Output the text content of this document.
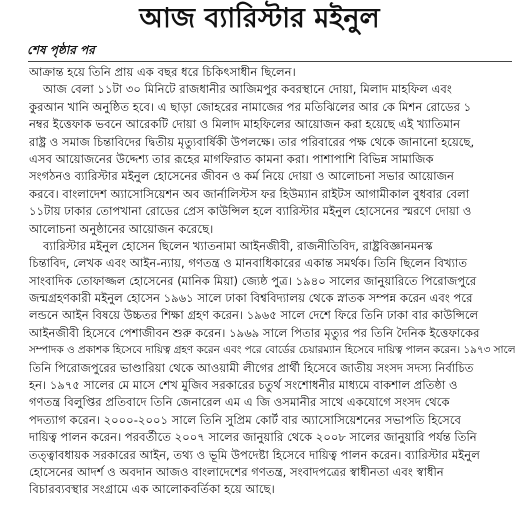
আজ ব্যারিস্টার মইনুল
শেষ পৃষ্ঠার পর
আক্রান্ত হয়ে তিনি প্রায় এক বছর ধরে চিকিৎসাধীন ছিলেন।
আজ বেলা ১১টা ৩০ মিনিটে রাজধানীর আজিমপুর কবরস্থানে দোয়া, মিলাদ মাহফিল এবং
কুরআন খানি অনুষ্ঠিত হবে। এ ছাড়া জোহরের নামাজের পর মতিঝিলের আর কে মিশন রোডের ১
নম্বর ইত্তেফাক ভবনে আরেকটি দোয়া ও মিলাদ মাহফিলের আয়োজন করা হয়েছে এই খ্যাতিমান
রাষ্ট্র ও সমাজ চিন্তাবিদের দ্বিতীয় মৃত্যুবার্ষিকী উপলক্ষে। তার পরিবারের পক্ষ থেকে জানানো হয়েছে,
এসব আয়োজনের উদ্দেশ্য তার রূহের মাগফিরাত কামনা করা। পাশাপাশি বিভিন্ন সামাজিক
সংগঠনও ব্যারিস্টার মইনুল হোসেনের জীবন ও কর্ম নিয়ে দোয়া ও আলোচনা সভার আয়োজন
করবে। বাংলাদেশ অ্যাসোসিয়েশন অব জার্নালিস্টস ফর হিউম্যান রাইটস আগামীকাল বুধবার বেলা
১১টায় ঢাকার তোপখানা রোডের প্রেস কাউন্সিল হলে ব্যারিস্টার মইনুল হোসেনের স্মরণে দোয়া ও
আলোচনা অনুষ্ঠানের আয়োজন করেছে।
ব্যারিস্টার মইনুল হোসেন ছিলেন খ্যাতনামা আইনজীবী, রাজনীতিবিদ, রাষ্ট্রবিজ্ঞানমনস্ক
চিন্তাবিদ, লেখক এবং আইন-ন্যায়, গণতন্ত্র ও মানবাধিকারের একান্ত সমর্থক। তিনি ছিলেন বিখ্যাত
সাংবাদিক তোফাজ্জল হোসেনের (মানিক মিয়া) জ্যেষ্ঠ পুত্র। ১৯৪০ সালের জানুয়ারিতে পিরোজপুরে
জন্মগ্রহণকারী মইনুল হোসেন ১৯৬১ সালে ঢাকা বিশ্ববিদ্যালয় থেকে স্নাতক সম্পন্ন করেন এবং পরে
লন্ডনে আইন বিষয়ে উচ্চতর শিক্ষা গ্রহণ করেন। ১৯৬৫ সালে দেশে ফিরে তিনি ঢাকা বার কাউন্সিলে
আইনজীবী হিসেবে পেশাজীবন শুরু করেন। ১৯৬৯ সালে পিতার মৃত্যুর পর তিনি দৈনিক ইত্তেফাকের
সম্পাদক ও প্রকাশক হিসেবে দায়িত্ব গ্রহণ করেন এবং পরে বোর্ডের চেয়ারম্যান হিসেবে দায়িত্ব পালন করেন। ১৯৭৩ সালে
তিনি পিরোজপুরের ভাণ্ডারিয়া থেকে আওয়ামী লীগের প্রার্থী হিসেবে জাতীয় সংসদ সদস্য নির্বাচিত
হন। ১৯৭৫ সালের মে মাসে শেখ মুজিব সরকারের চতুর্থ সংশোধনীর মাধ্যমে বাকশাল প্রতিষ্ঠা ও
গণতন্ত্র বিলুপ্তির প্রতিবাদে তিনি জেনারেল এম এ জি ওসমানীর সাথে একযোগে সংসদ থেকে
পদত্যাগ করেন। ২০০০-২০০১ সালে তিনি সুপ্রিম কোর্ট বার অ্যাসোসিয়েশনের সভাপতি হিসেবে
দায়িত্ব পালন করেন। পরবর্তীতে ২০০৭ সালের জানুয়ারি থেকে ২০০৮ সালের জানুয়ারি পর্যন্ত তিনি
তত্ত্বাবধায়ক সরকারের আইন, তথ্য ও ভূমি উপদেষ্টা হিসেবে দায়িত্ব পালন করেন। ব্যারিস্টার মইনুল
হোসেনের আদর্শ ও অবদান আজও বাংলাদেশের গণতন্ত্র, সংবাদপত্রের স্বাধীনতা এবং স্বাধীন
বিচারব্যবস্থার সংগ্রামে এক আলোকবর্তিকা হয়ে আছে।
